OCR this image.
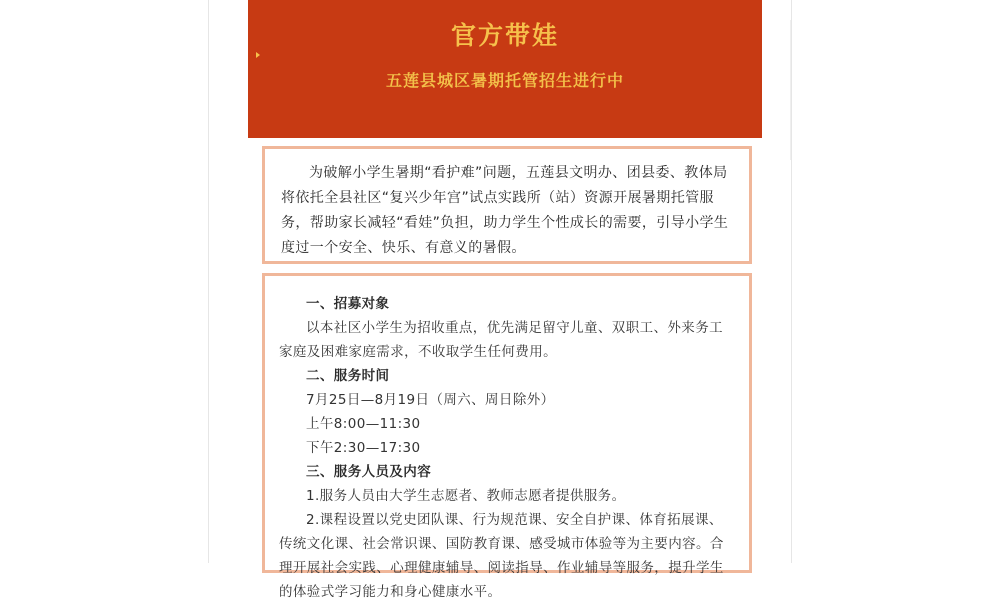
官方带娃
五莲县城区暑期托管招生进行中

为破解小学生暑期“看护难”问题，五莲县文明办、团县委、教体局将依托全县社区“复兴少年宫”试点实践所（站）资源开展暑期托管服务，帮助家长减轻“看娃”负担，助力学生个性成长的需要，引导小学生度过一个安全、快乐、有意义的暑假。

一、招募对象

以本社区小学生为招收重点，优先满足留守儿童、双职工、外来务工家庭及困难家庭需求，不收取学生任何费用。

二、服务时间

7月25日—8月19日（周六、周日除外）

上午8:00—11:30

下午2:30—17:30

三、服务人员及内容

1.服务人员由大学生志愿者、教师志愿者提供服务。

2.课程设置以党史团队课、行为规范课、安全自护课、体育拓展课、传统文化课、社会常识课、国防教育课、感受城市体验等为主要内容。合理开展社会实践、心理健康辅导、阅读指导、作业辅导等服务，提升学生的体验式学习能力和身心健康水平。
